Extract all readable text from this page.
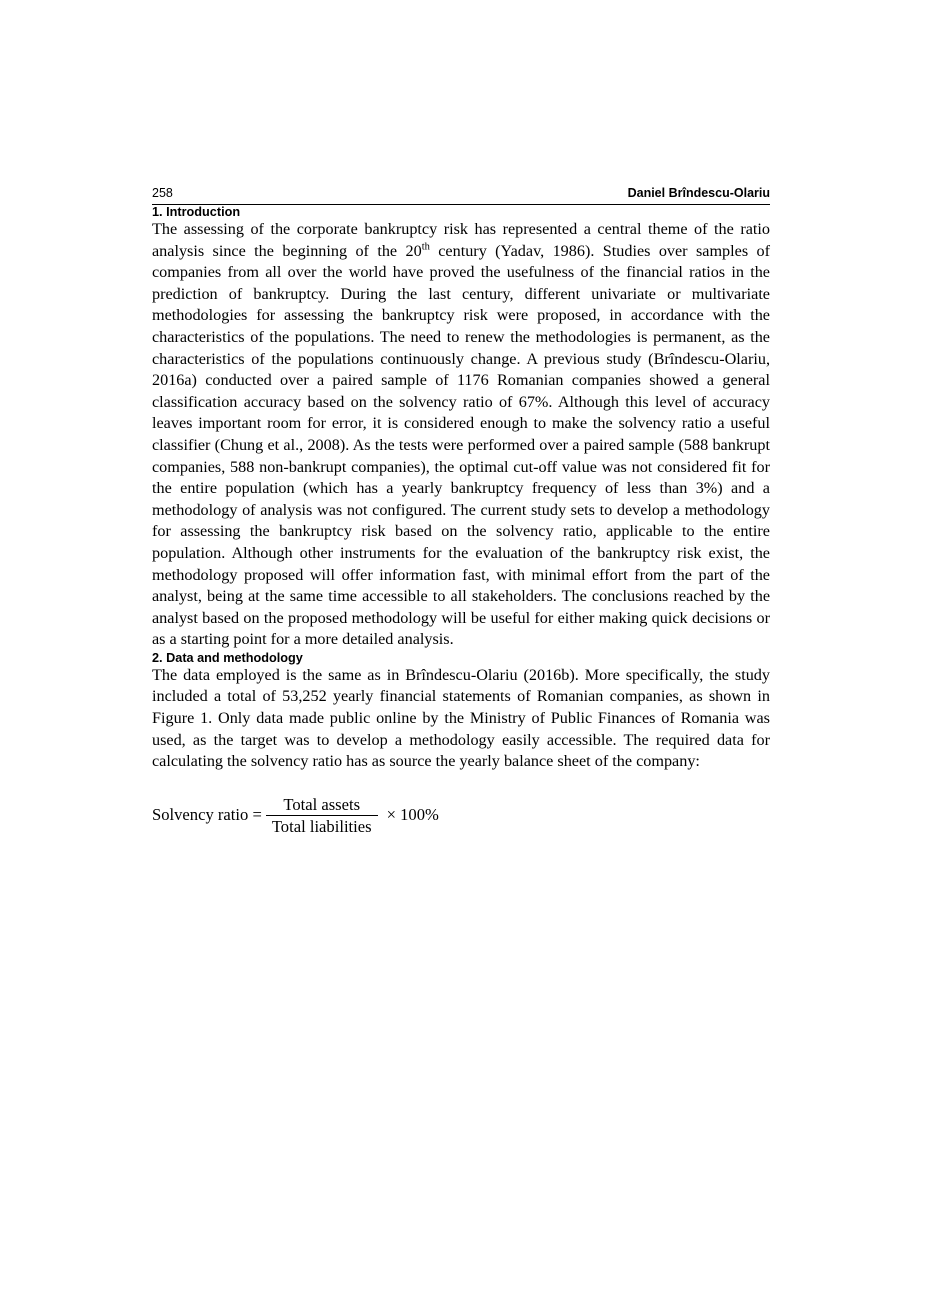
258	Daniel Brîndescu-Olariu
1. Introduction

The assessing of the corporate bankruptcy risk has represented a central theme of the ratio analysis since the beginning of the 20th century (Yadav, 1986). Studies over samples of companies from all over the world have proved the usefulness of the financial ratios in the prediction of bankruptcy. During the last century, different univariate or multivariate methodologies for assessing the bankruptcy risk were proposed, in accordance with the characteristics of the populations. The need to renew the methodologies is permanent, as the characteristics of the populations continuously change. A previous study (Brîndescu-Olariu, 2016a) conducted over a paired sample of 1176 Romanian companies showed a general classification accuracy based on the solvency ratio of 67%. Although this level of accuracy leaves important room for error, it is considered enough to make the solvency ratio a useful classifier (Chung et al., 2008). As the tests were performed over a paired sample (588 bankrupt companies, 588 non-bankrupt companies), the optimal cut-off value was not considered fit for the entire population (which has a yearly bankruptcy frequency of less than 3%) and a methodology of analysis was not configured. The current study sets to develop a methodology for assessing the bankruptcy risk based on the solvency ratio, applicable to the entire population. Although other instruments for the evaluation of the bankruptcy risk exist, the methodology proposed will offer information fast, with minimal effort from the part of the analyst, being at the same time accessible to all stakeholders. The conclusions reached by the analyst based on the proposed methodology will be useful for either making quick decisions or as a starting point for a more detailed analysis.

2. Data and methodology

The data employed is the same as in Brîndescu-Olariu (2016b). More specifically, the study included a total of 53,252 yearly financial statements of Romanian companies, as shown in Figure 1. Only data made public online by the Ministry of Public Finances of Romania was used, as the target was to develop a methodology easily accessible. The required data for calculating the solvency ratio has as source the yearly balance sheet of the company:

Solvency ratio = $\frac{\text{Total assets}}{\text{Total liabilities}} \times 100\%$
